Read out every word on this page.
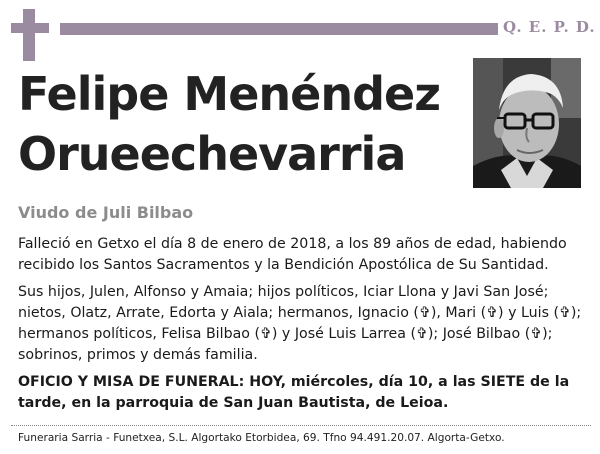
Q. E. P. D.
Felipe Menéndez
Orueechevarria
Viudo de Juli Bilbao

Falleció en Getxo el día 8 de enero de 2018, a los 89 años de edad, habiendo recibido los Santos Sacramentos y la Bendición Apostólica de Su Santidad.

Sus hijos, Julen, Alfonso y Amaia; hijos políticos, Iciar Llona y Javi San José; nietos, Olatz, Arrate, Edorta y Aiala; hermanos, Ignacio (✞), Mari (✞) y Luis (✞); hermanos políticos, Felisa Bilbao (✞) y José Luis Larrea (✞); José Bilbao (✞); sobrinos, primos y demás familia.

OFICIO Y MISA DE FUNERAL: HOY, miércoles, día 10, a las SIETE de la tarde, en la parroquia de San Juan Bautista, de Leioa.

Funeraria Sarria - Funetxea, S.L. Algortako Etorbidea, 69. Tfno 94.491.20.07. Algorta-Getxo.
